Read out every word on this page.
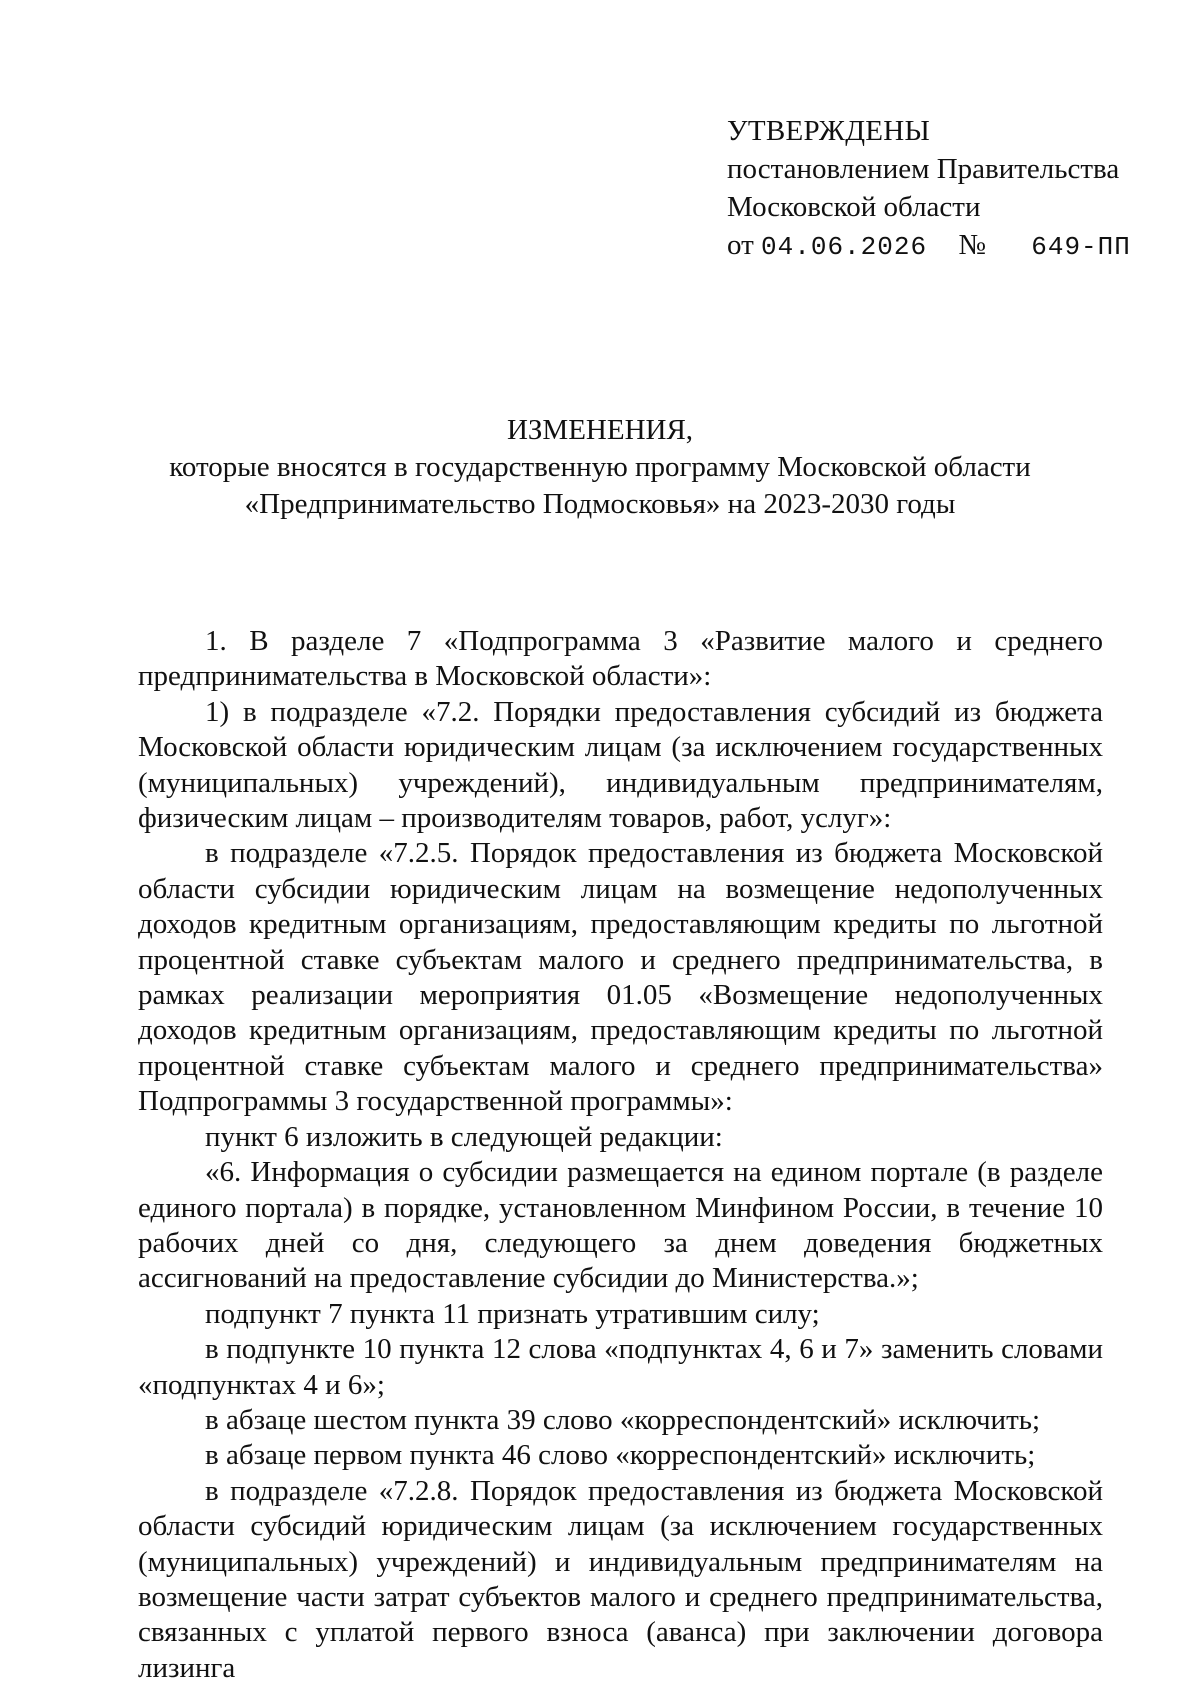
УТВЕРЖДЕНЫ
постановлением Правительства
Московской области
от 04.06.2026 № 649-ПП
ИЗМЕНЕНИЯ,
которые вносятся в государственную программу Московской области
«Предпринимательство Подмосковья» на 2023-2030 годы

1. В разделе 7 «Подпрограмма 3 «Развитие малого и среднего предпринимательства в Московской области»:

1) в подразделе «7.2. Порядки предоставления субсидий из бюджета Московской области юридическим лицам (за исключением государственных (муниципальных) учреждений), индивидуальным предпринимателям, физическим лицам – производителям товаров, работ, услуг»:

в подразделе «7.2.5. Порядок предоставления из бюджета Московской области субсидии юридическим лицам на возмещение недополученных доходов кредитным организациям, предоставляющим кредиты по льготной процентной ставке субъектам малого и среднего предпринимательства, в рамках реализации мероприятия 01.05 «Возмещение недополученных доходов кредитным организациям, предоставляющим кредиты по льготной процентной ставке субъектам малого и среднего предпринимательства» Подпрограммы 3 государственной программы»:

пункт 6 изложить в следующей редакции:

«6. Информация о субсидии размещается на едином портале (в разделе единого портала) в порядке, установленном Минфином России, в течение 10 рабочих дней со дня, следующего за днем доведения бюджетных ассигнований на предоставление субсидии до Министерства.»;

подпункт 7 пункта 11 признать утратившим силу;

в подпункте 10 пункта 12 слова «подпунктах 4, 6 и 7» заменить словами «подпунктах 4 и 6»;

в абзаце шестом пункта 39 слово «корреспондентский» исключить;

в абзаце первом пункта 46 слово «корреспондентский» исключить;

в подразделе «7.2.8. Порядок предоставления из бюджета Московской области субсидий юридическим лицам (за исключением государственных (муниципальных) учреждений) и индивидуальным предпринимателям на возмещение части затрат субъектов малого и среднего предпринимательства, связанных с уплатой первого взноса (аванса) при заключении договора лизинга
